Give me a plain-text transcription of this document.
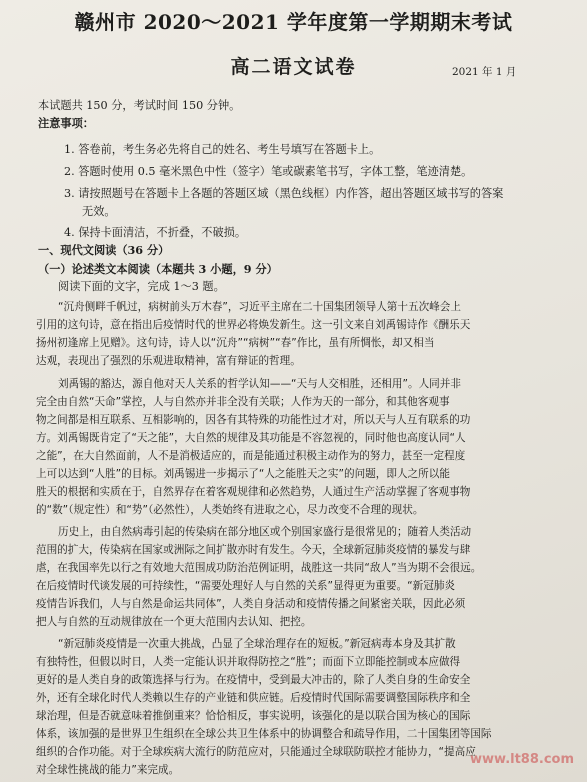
赣州市 2020～2021 学年度第一学期期末考试
高二语文试卷	2021 年 1 月
本试题共 150 分，考试时间 150 分钟。
注意事项：
1. 答卷前，考生务必先将自己的姓名、考生号填写在答题卡上。
2. 答题时使用 0.5 毫米黑色中性（签字）笔或碳素笔书写，字体工整，笔迹清楚。
3. 请按照题号在答题卡上各题的答题区域（黑色线框）内作答，超出答题区域书写的答案
无效。
4. 保持卡面清洁，不折叠，不破损。
一、现代文阅读（36 分）
（一）论述类文本阅读（本题共 3 小题，9 分）
阅读下面的文字，完成 1～3 题。
“沉舟侧畔千帆过，病树前头万木春”，习近平主席在二十国集团领导人第十五次峰会上
引用的这句诗，意在指出后疫情时代的世界必将焕发新生。这一引文来自刘禹锡诗作《酬乐天
扬州初逢席上见赠》。这句诗，诗人以“沉舟”“病树”“春”作比，虽有所惆怅，却又相当
达观，表现出了强烈的乐观进取精神，富有辩证的哲理。
刘禹锡的豁达，源自他对天人关系的哲学认知——“天与人交相胜，还相用”。人同并非
完全由自然“天命”掌控，人与自然亦并非全没有关联；人作为天的一部分，和其他客观事
物之间都是相互联系、互相影响的，因各有其特殊的功能性过才对，所以天与人互有联系的功
方。刘禹锡既肯定了“天之能”，大自然的规律及其功能是不容忽视的，同时他也高度认同“人
之能”，在大自然面前，人不是消极适应的，而是能通过积极主动作为的努力，甚至一定程度
上可以达到“人胜”的目标。刘禹锡进一步揭示了“人之能胜天之实”的问题，即人之所以能
胜天的根据和实质在于，自然界存在着客观规律和必然趋势，人通过生产活动掌握了客观事物
的“数”（规定性）和“势”（必然性），人类始终有进取之心，尽力改变不合理的现状。
历史上，由自然病毒引起的传染病在部分地区或个别国家盛行是很常见的；随着人类活动
范围的扩大，传染病在国家或洲际之间扩散亦时有发生。今天，全球新冠肺炎疫情的暴发与肆
虐，在我国率先以行之有效地大范围成功防治范例证明，战胜这一共同“敌人”当为期不会很远。
在后疫情时代谈发展的可持续性，“需要处理好人与自然的关系”显得更为重要。“新冠肺炎
疫情告诉我们，人与自然是命运共同体”，人类自身活动和疫情传播之间紧密关联，因此必须
把人与自然的互动规律放在一个更大范围内去认知、把控。
“新冠肺炎疫情是一次重大挑战，凸显了全球治理存在的短板。”新冠病毒本身及其扩散
有独特性，但假以时日，人类一定能认识并取得防控之“胜”；而面下立即能控制或本应做得
更好的是人类自身的政策选择与行为。在疫情中，受到最大冲击的，除了人类自身的生命安全
外，还有全球化时代人类赖以生存的产业链和供应链。后疫情时代国际需要调整国际秩序和全
球治理，但是否就意味着推倒重来？恰恰相反，事实说明，该强化的是以联合国为核心的国际
体系，该加强的是世界卫生组织在全球公共卫生体系中的协调整合和疏导作用，二十国集团等国际
组织的合作功能。对于全球疾病大流行的防范应对，只能通过全球联防联控才能协力，“提高应
对全球性挑战的能力”来完成。
www.lt88.com
